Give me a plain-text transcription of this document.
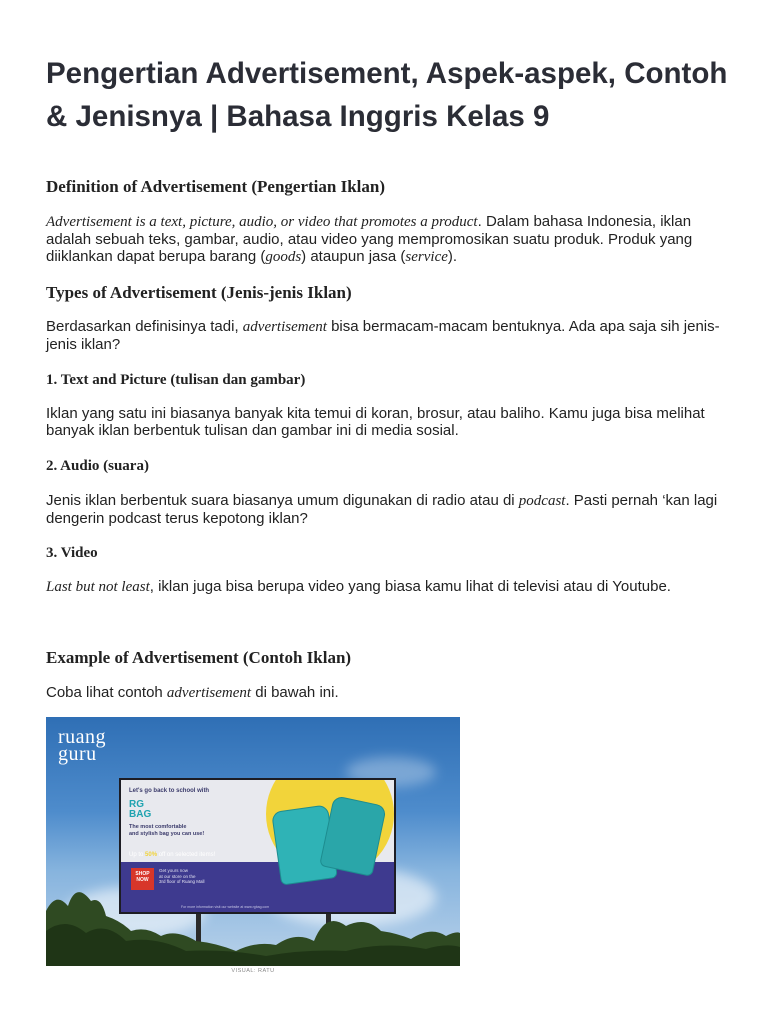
Pengertian Advertisement, Aspek-aspek, Contoh & Jenisnya | Bahasa Inggris Kelas 9
Definition of Advertisement (Pengertian Iklan)

Advertisement is a text, picture, audio, or video that promotes a product. Dalam bahasa Indonesia, iklan adalah sebuah teks, gambar, audio, atau video yang mempromosikan suatu produk. Produk yang diiklankan dapat berupa barang (goods) ataupun jasa (service).

Types of Advertisement (Jenis-jenis Iklan)

Berdasarkan definisinya tadi, advertisement bisa bermacam-macam bentuknya. Ada apa saja sih jenis-jenis iklan?

1. Text and Picture (tulisan dan gambar)

Iklan yang satu ini biasanya banyak kita temui di koran, brosur, atau baliho. Kamu juga bisa melihat banyak iklan berbentuk tulisan dan gambar ini di media sosial.

2. Audio (suara)

Jenis iklan berbentuk suara biasanya umum digunakan di radio atau di podcast. Pasti pernah ‘kan lagi dengerin podcast terus kepotong iklan?

3. Video

Last but not least, iklan juga bisa berupa video yang biasa kamu lihat di televisi atau di Youtube.

Example of Advertisement (Contoh Iklan)

Coba lihat contoh advertisement di bawah ini.

ruang
guru
Let's go back to school with
RG
BAG
The most comfortable
and stylish bag you can use!
Up to 50% off on selected items!
SHOP
NOW
Get yours now
at our store on the
3rd floor of Ruang Mall
For more information visit our website at www.rgbag.com

VISUAL: RATU
